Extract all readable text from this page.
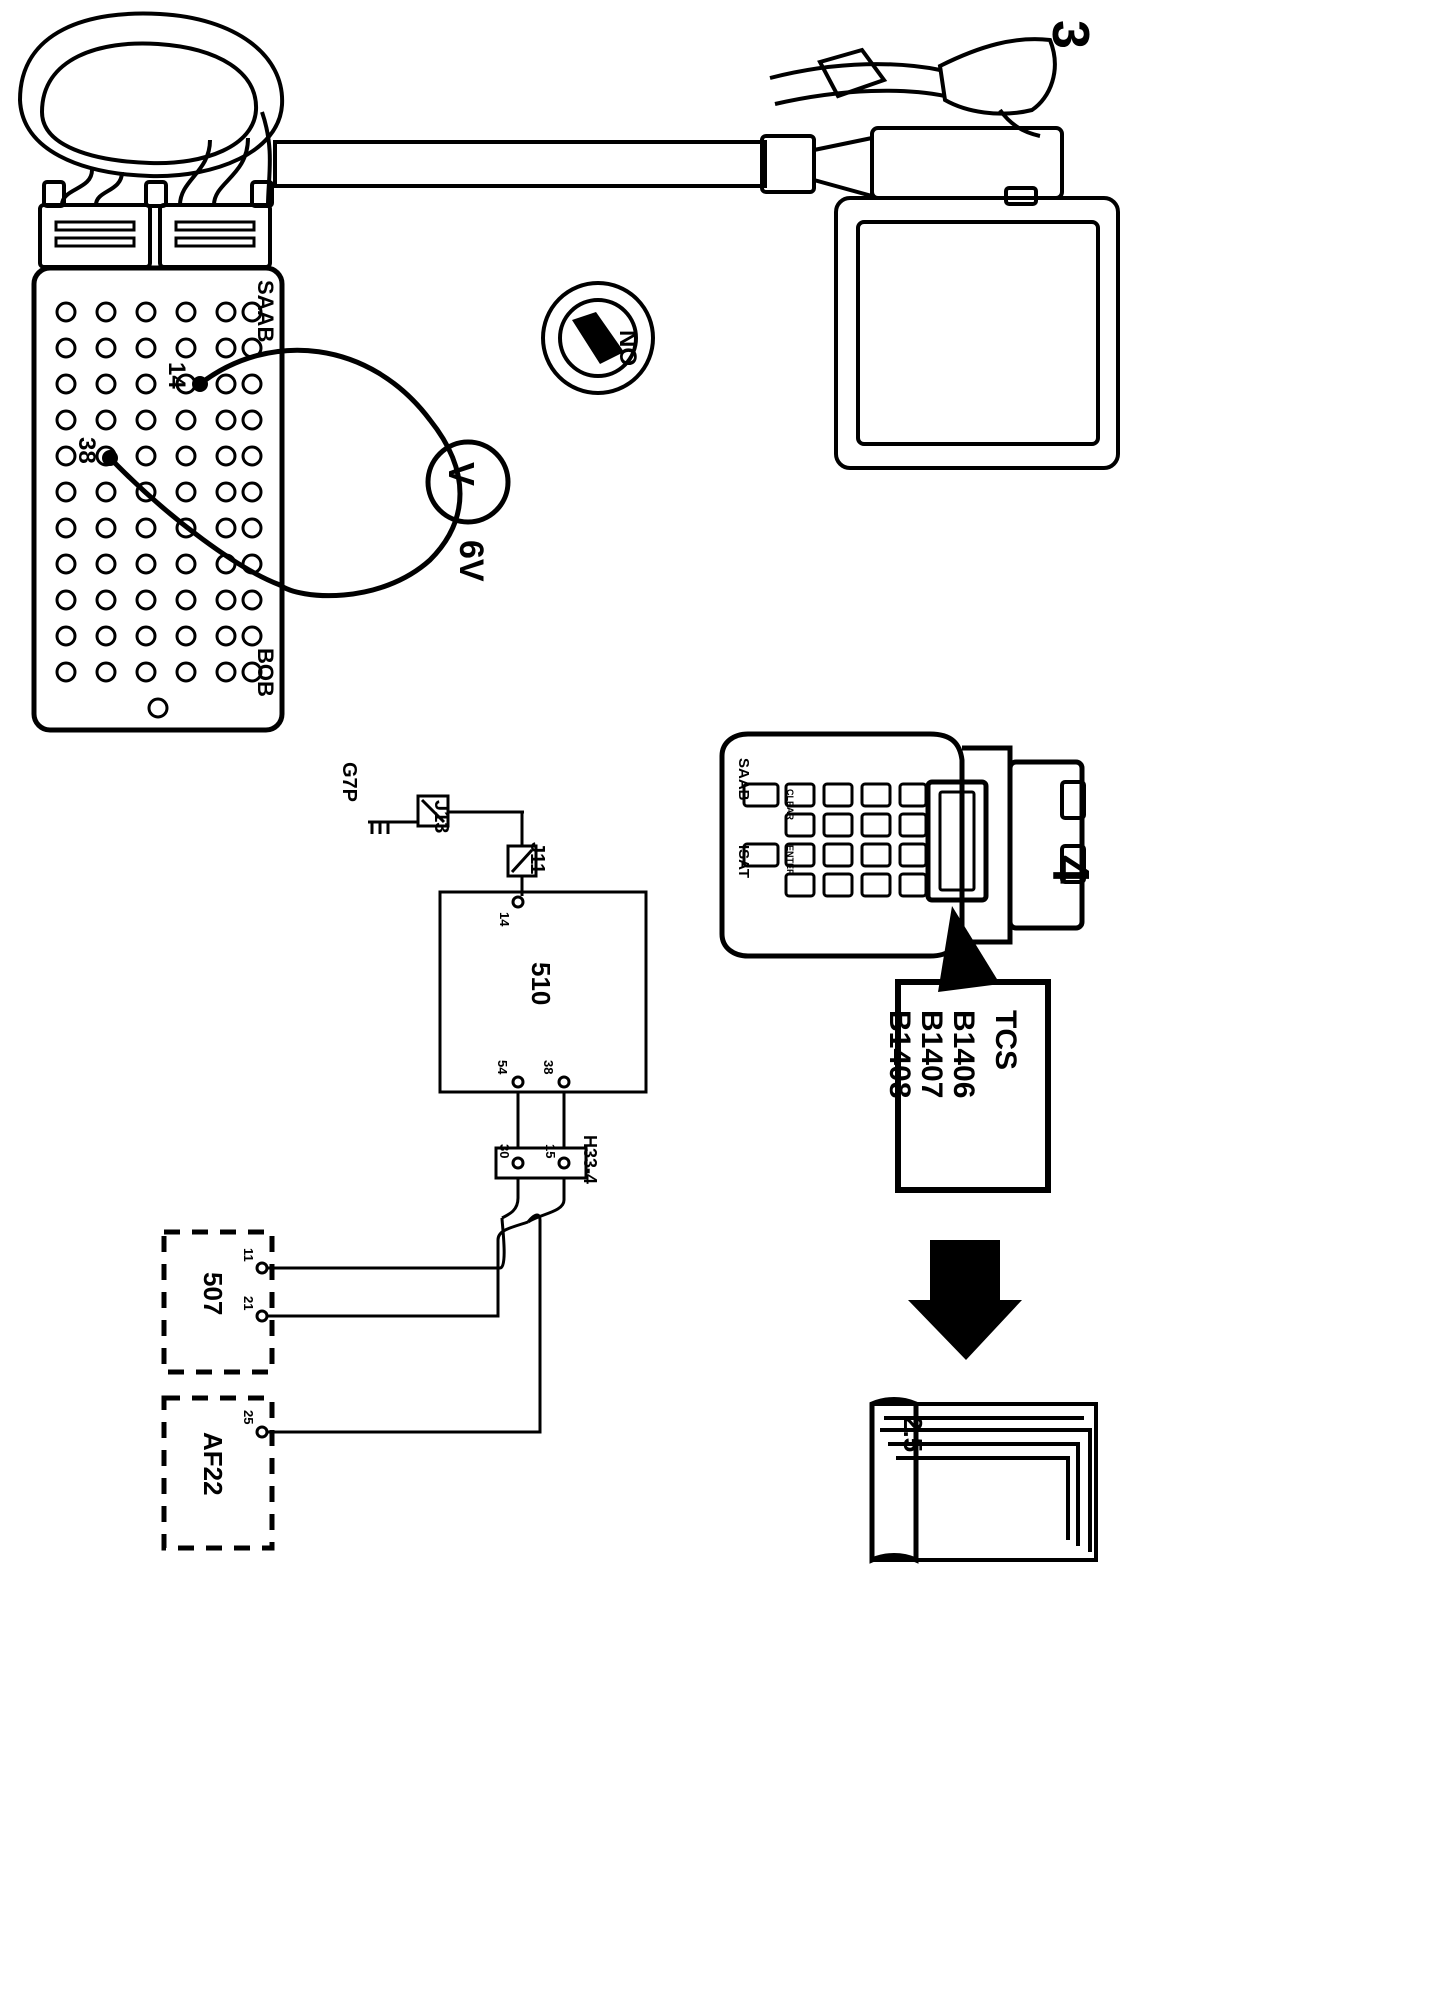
3
4
SAAB
BOB
14
38
V
6V
NO
SAAB
ISAT	ENTER
CLEAR
TCS
B1406
B1407
B1408
2.5
G7P
J13
J11
H33-4
510
507
AF22
14
54 38
30 15
11
21
25
